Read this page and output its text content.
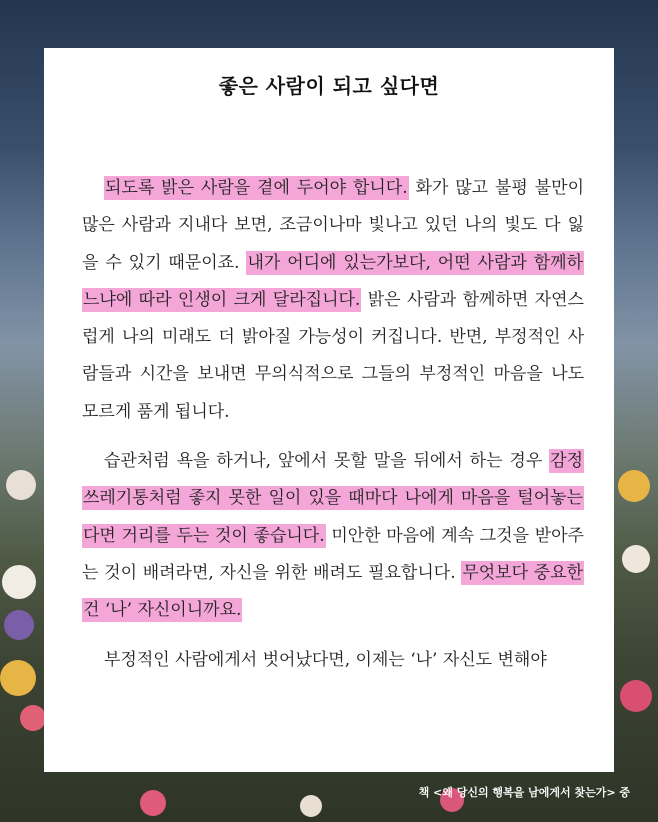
좋은 사람이 되고 싶다면

되도록 밝은 사람을 곁에 두어야 합니다. 화가 많고 불평 불만이 많은 사람과 지내다 보면, 조금이나마 빛나고 있던 나의 빛도 다 잃을 수 있기 때문이죠. 내가 어디에 있는가보다, 어떤 사람과 함께하느냐에 따라 인생이 크게 달라집니다. 밝은 사람과 함께하면 자연스럽게 나의 미래도 더 밝아질 가능성이 커집니다. 반면, 부정적인 사람들과 시간을 보내면 무의식적으로 그들의 부정적인 마음을 나도 모르게 품게 됩니다.

습관처럼 욕을 하거나, 앞에서 못할 말을 뒤에서 하는 경우 감정 쓰레기통처럼 좋지 못한 일이 있을 때마다 나에게 마음을 털어놓는다면 거리를 두는 것이 좋습니다. 미안한 마음에 계속 그것을 받아주는 것이 배려라면, 자신을 위한 배려도 필요합니다. 무엇보다 중요한 건 ‘나’ 자신이니까요.

부정적인 사람에게서 벗어났다면, 이제는 ‘나’ 자신도 변해야

책 <왜 당신의 행복을 남에게서 찾는가> 중
